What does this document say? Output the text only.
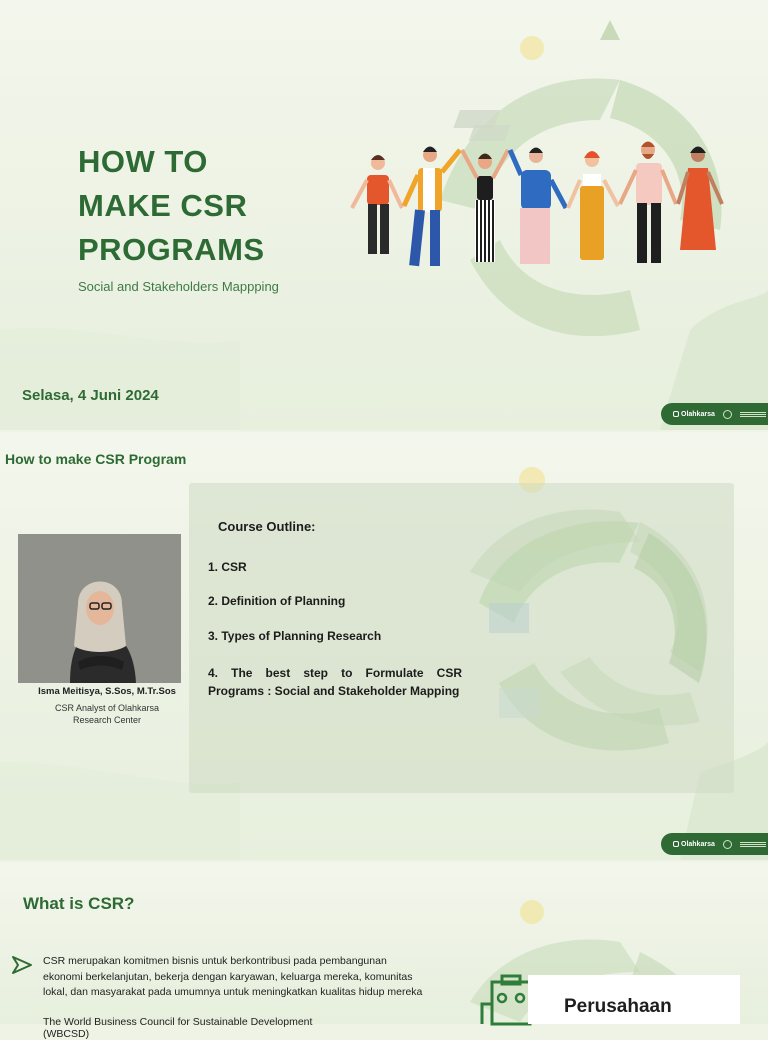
HOW TO
MAKE CSR
PROGRAMS
Social and Stakeholders Mappping
Selasa, 4 Juni 2024
Olahkarsa
How to make CSR Program
Isma Meitisya, S.Sos, M.Tr.Sos
CSR Analyst of Olahkarsa
Research Center
Course Outline:
1. CSR
2. Definition of Planning
3. Types of Planning Research
4. The best step to Formulate CSR Programs : Social and Stakeholder Mapping
Olahkarsa
What is CSR?
CSR merupakan komitmen bisnis untuk berkontribusi pada pembangunan ekonomi berkelanjutan, bekerja dengan karyawan, keluarga mereka, komunitas lokal, dan masyarakat pada umumnya untuk meningkatkan kualitas hidup mereka
The World Business Council for Sustainable Development (WBCSD)
Perusahaan
